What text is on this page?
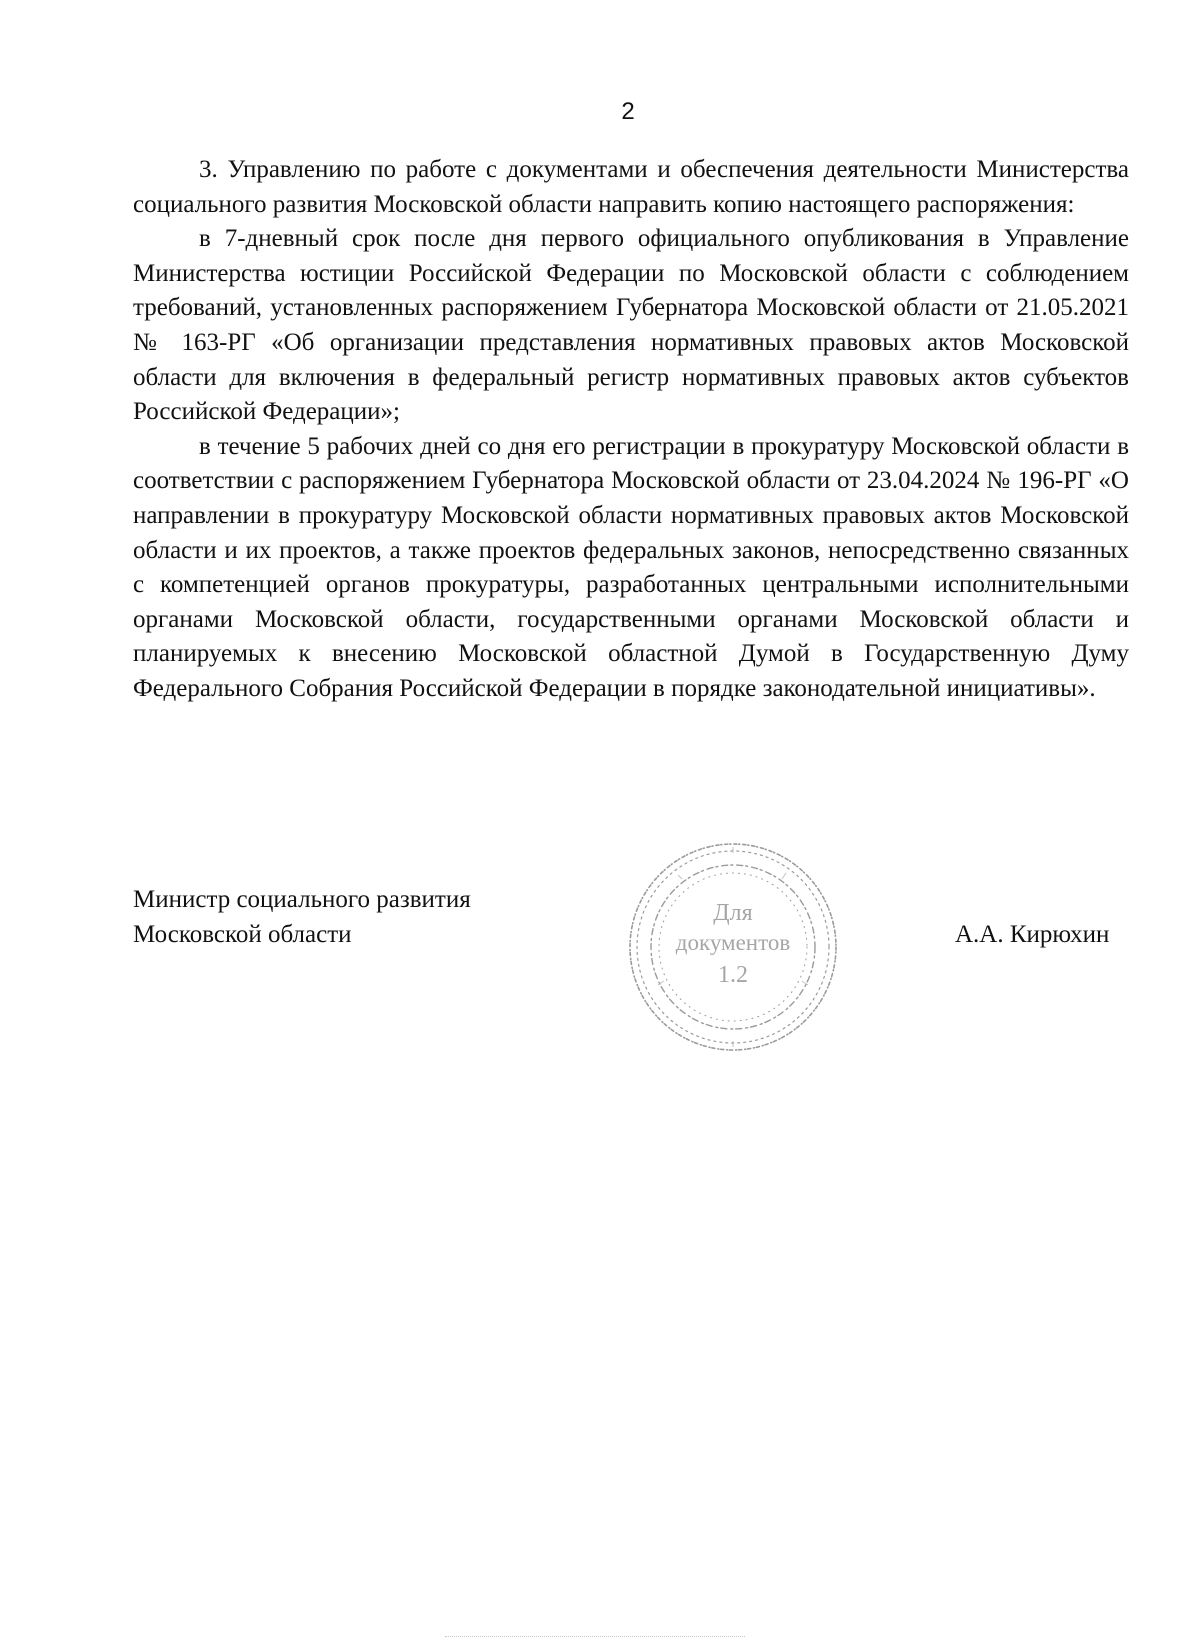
2

3. Управлению по работе с документами и обеспечения деятельности Министерства социального развития Московской области направить копию настоящего распоряжения:

в 7-дневный срок после дня первого официального опубликования в Управление Министерства юстиции Российской Федерации по Московской области с соблюдением требований, установленных распоряжением Губернатора Московской области от 21.05.2021 № 163-РГ «Об организации представления нормативных правовых актов Московской области для включения в федеральный регистр нормативных правовых актов субъектов Российской Федерации»;

в течение 5 рабочих дней со дня его регистрации в прокуратуру Московской области в соответствии с распоряжением Губернатора Московской области от 23.04.2024 № 196-РГ «О направлении в прокуратуру Московской области нормативных правовых актов Московской области и их проектов, а также проектов федеральных законов, непосредственно связанных с компетенцией органов прокуратуры, разработанных центральными исполнительными органами Московской области, государственными органами Московской области и планируемых к внесению Московской областной Думой в Государственную Думу Федерального Собрания Российской Федерации в порядке законодательной инициативы».

Министр социального развития
Московской области
Для
документов
1.2
А.А. Кирюхин
